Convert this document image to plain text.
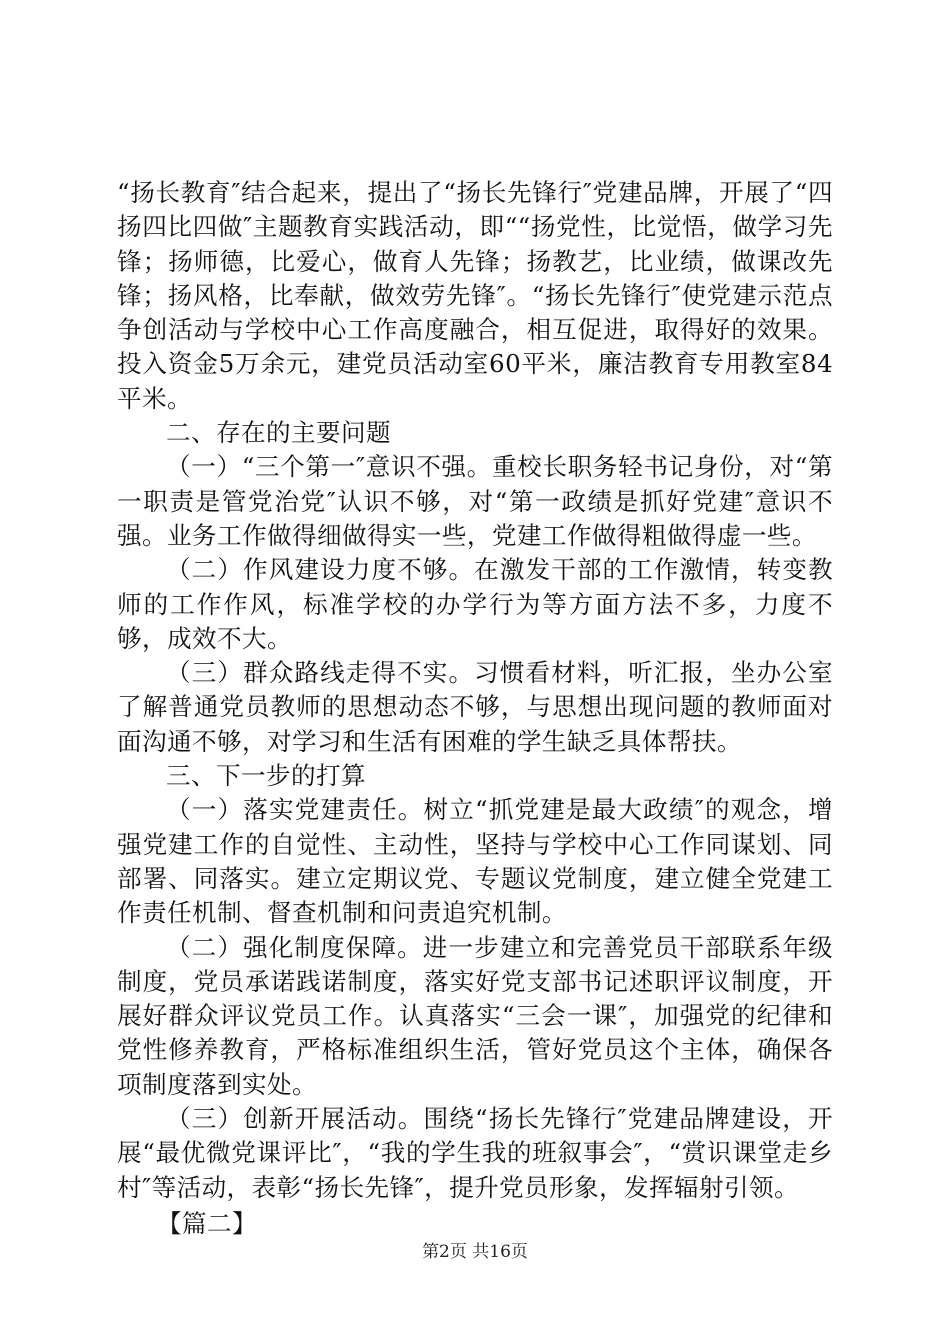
“扬长教育″结合起来，提出了“扬长先锋行″党建品牌，开展了“四扬四比四做″主题教育实践活动，即““扬党性，比觉悟，做学习先锋；扬师德，比爱心，做育人先锋；扬教艺，比业绩，做课改先锋；扬风格，比奉献，做效劳先锋″。“扬长先锋行″使党建示范点争创活动与学校中心工作高度融合，相互促进，取得好的效果。投入资金5万余元，建党员活动室60平米，廉洁教育专用教室84平米。

二、存在的主要问题

（一）“三个第一″意识不强。重校长职务轻书记身份，对“第一职责是管党治党″认识不够，对“第一政绩是抓好党建″意识不强。业务工作做得细做得实一些，党建工作做得粗做得虚一些。

（二）作风建设力度不够。在激发干部的工作激情，转变教师的工作作风，标准学校的办学行为等方面方法不多，力度不够，成效不大。

（三）群众路线走得不实。习惯看材料，听汇报，坐办公室了解普通党员教师的思想动态不够，与思想出现问题的教师面对面沟通不够，对学习和生活有困难的学生缺乏具体帮扶。

三、下一步的打算

（一）落实党建责任。树立“抓党建是最大政绩″的观念，增强党建工作的自觉性、主动性，坚持与学校中心工作同谋划、同部署、同落实。建立定期议党、专题议党制度，建立健全党建工作责任机制、督查机制和问责追究机制。

（二）强化制度保障。进一步建立和完善党员干部联系年级制度，党员承诺践诺制度，落实好党支部书记述职评议制度，开展好群众评议党员工作。认真落实“三会一课″，加强党的纪律和党性修养教育，严格标准组织生活，管好党员这个主体，确保各项制度落到实处。

（三）创新开展活动。围绕“扬长先锋行″党建品牌建设，开展“最优微党课评比″，“我的学生我的班叙事会″，“赏识课堂走乡村″等活动，表彰“扬长先锋″，提升党员形象，发挥辐射引领。

【篇二】

第2页 共16页
